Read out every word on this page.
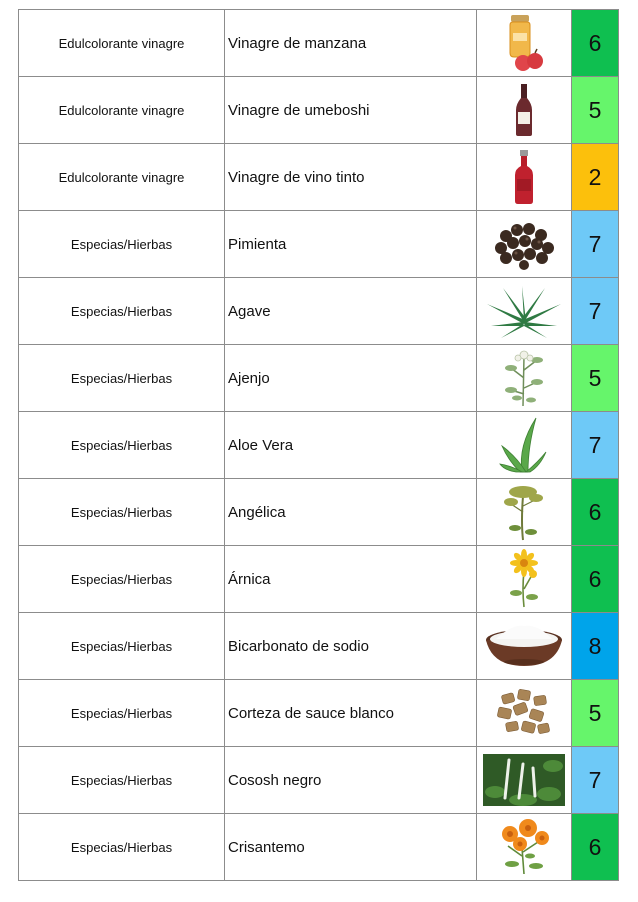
Edulcolorante vinagre	Vinagre de manzana		6
Edulcolorante vinagre	Vinagre de umeboshi		5
Edulcolorante vinagre	Vinagre de vino tinto		2
Especias/Hierbas	Pimienta		7
Especias/Hierbas	Agave		7
Especias/Hierbas	Ajenjo		5
Especias/Hierbas	Aloe Vera		7
Especias/Hierbas	Angélica		6
Especias/Hierbas	Árnica		6
Especias/Hierbas	Bicarbonato de sodio		8
Especias/Hierbas	Corteza de sauce blanco		5
Especias/Hierbas	Cososh negro		7
Especias/Hierbas	Crisantemo		6
